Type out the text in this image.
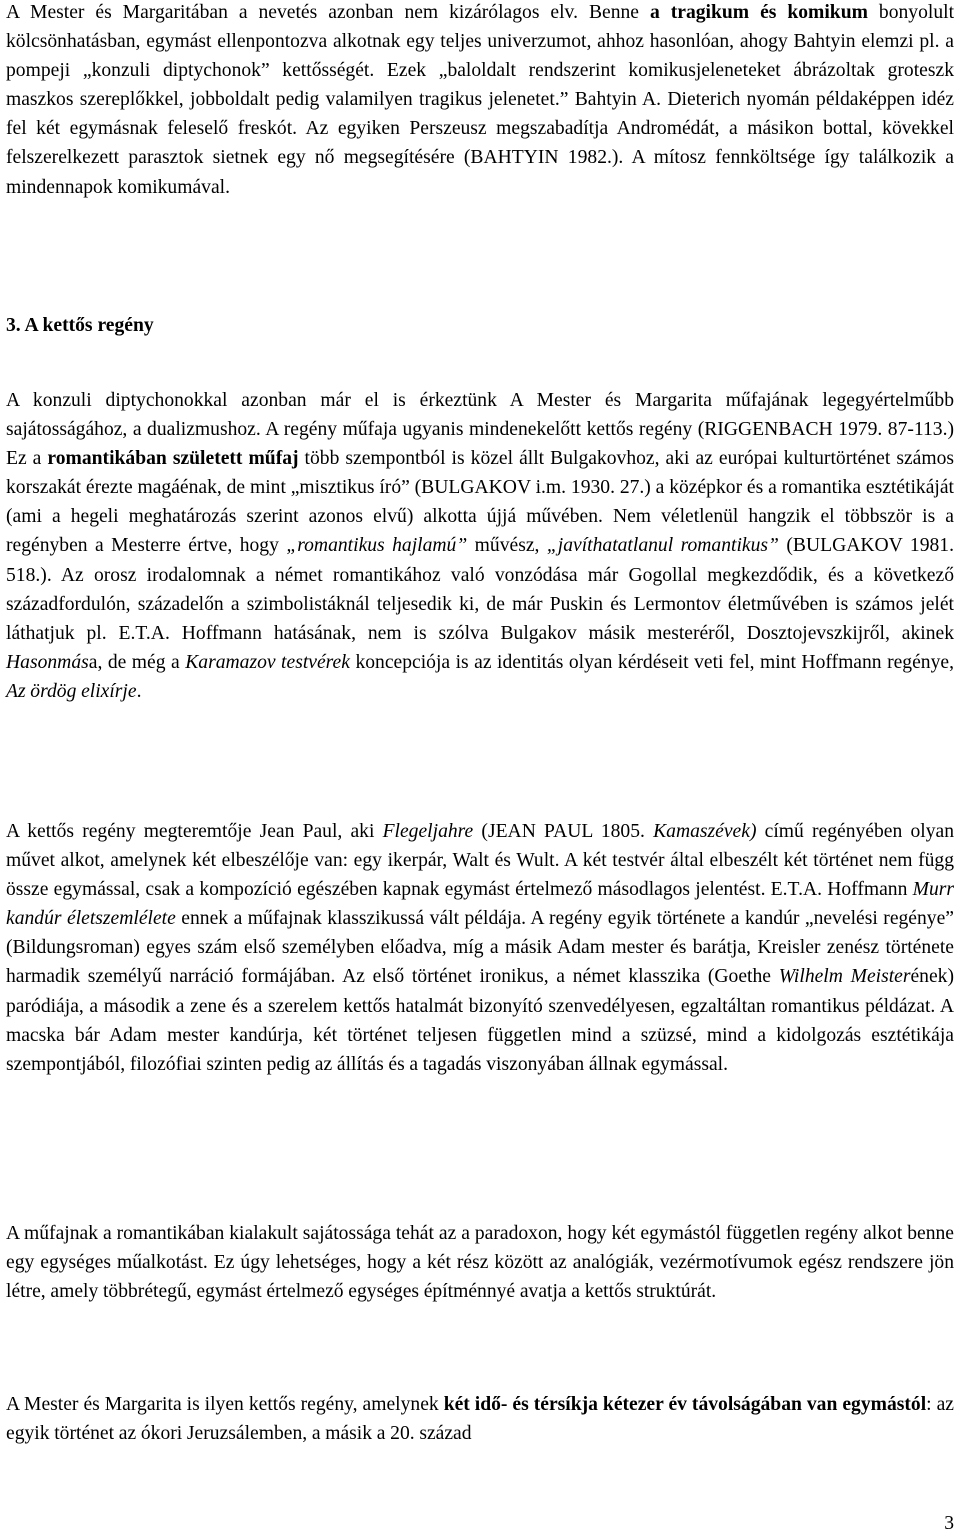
A Mester és Margaritában a nevetés azonban nem kizárólagos elv. Benne a tragikum és komikum bonyolult kölcsönhatásban, egymást ellenpontozva alkotnak egy teljes univerzumot, ahhoz hasonlóan, ahogy Bahtyin elemzi pl. a pompeji „konzuli diptychonok” kettősségét. Ezek „baloldalt rendszerint komikusjeleneteket ábrázoltak groteszk maszkos szereplőkkel, jobboldalt pedig valamilyen tragikus jelenetet.” Bahtyin A. Dieterich nyomán példaképpen idéz fel két egymásnak feleselő freskót. Az egyiken Perszeusz megszabadítja Andromédát, a másikon bottal, kövekkel felszerelkezett parasztok sietnek egy nő megsegítésére (BAHTYIN 1982.). A mítosz fennköltsége így találkozik a mindennapok komikumával.

3. A kettős regény

A konzuli diptychonokkal azonban már el is érkeztünk A Mester és Margarita műfajának legegyértelműbb sajátosságához, a dualizmushoz. A regény műfaja ugyanis mindenekelőtt kettős regény (RIGGENBACH 1979. 87-113.) Ez a romantikában született műfaj több szempontból is közel állt Bulgakovhoz, aki az európai kulturtörténet számos korszakát érezte magáénak, de mint „misztikus író” (BULGAKOV i.m. 1930. 27.) a középkor és a romantika esztétikáját (ami a hegeli meghatározás szerint azonos elvű) alkotta újjá művében. Nem véletlenül hangzik el többször is a regényben a Mesterre értve, hogy „romantikus hajlamú” művész, „javíthatatlanul romantikus” (BULGAKOV 1981. 518.). Az orosz irodalomnak a német romantikához való vonzódása már Gogollal megkezdődik, és a következő századfordulón, századelőn a szimbolistáknál teljesedik ki, de már Puskin és Lermontov életművében is számos jelét láthatjuk pl. E.T.A. Hoffmann hatásának, nem is szólva Bulgakov másik mesteréről, Dosztojevszkijről, akinek Hasonmása, de még a Karamazov testvérek koncepciója is az identitás olyan kérdéseit veti fel, mint Hoffmann regénye, Az ördög elixírje.

A kettős regény megteremtője Jean Paul, aki Flegeljahre (JEAN PAUL 1805. Kamaszévek) című regényében olyan művet alkot, amelynek két elbeszélője van: egy ikerpár, Walt és Wult. A két testvér által elbeszélt két történet nem függ össze egymással, csak a kompozíció egészében kapnak egymást értelmező másodlagos jelentést. E.T.A. Hoffmann Murr kandúr életszemlélete ennek a műfajnak klasszikussá vált példája. A regény egyik története a kandúr „nevelési regénye” (Bildungsroman) egyes szám első személyben előadva, míg a másik Adam mester és barátja, Kreisler zenész története harmadik személyű narráció formájában. Az első történet ironikus, a német klasszika (Goethe Wilhelm Meisterének) paródiája, a második a zene és a szerelem kettős hatalmát bizonyító szenvedélyesen, egzaltáltan romantikus példázat. A macska bár Adam mester kandúrja, két történet teljesen független mind a szüzsé, mind a kidolgozás esztétikája szempontjából, filozófiai szinten pedig az állítás és a tagadás viszonyában állnak egymással.

A műfajnak a romantikában kialakult sajátossága tehát az a paradoxon, hogy két egymástól független regény alkot benne egy egységes műalkotást. Ez úgy lehetséges, hogy a két rész között az analógiák, vezérmotívumok egész rendszere jön létre, amely többrétegű, egymást értelmező egységes építménnyé avatja a kettős struktúrát.

A Mester és Margarita is ilyen kettős regény, amelynek két idő- és térsíkja kétezer év távolságában van egymástól: az egyik történet az ókori Jeruzsálemben, a másik a 20. század

3
